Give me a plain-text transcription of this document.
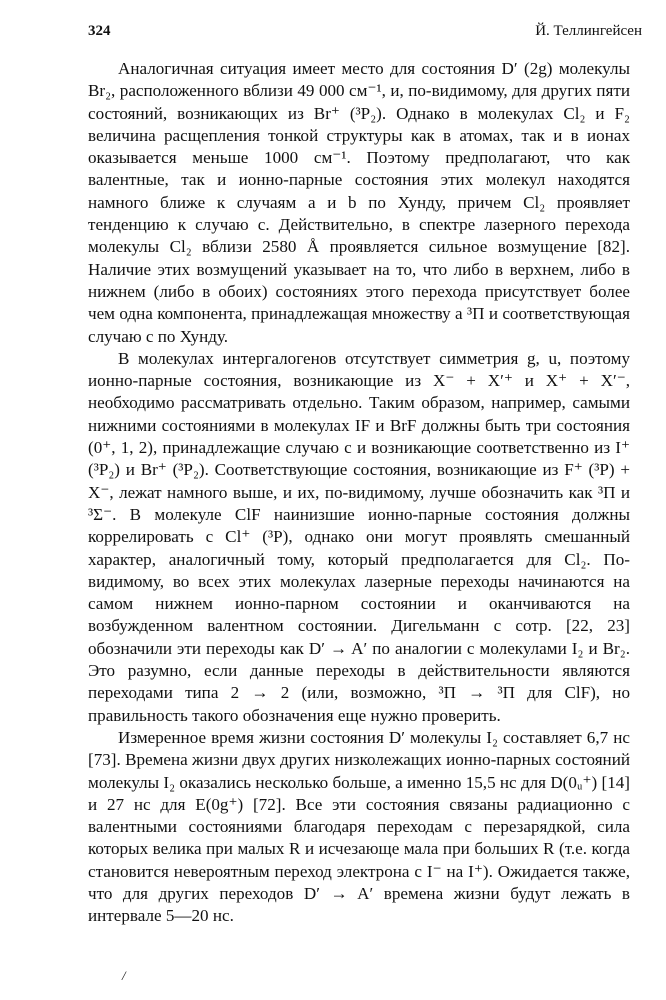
324	Й. Теллингейсен

Аналогичная ситуация имеет место для состояния D′ (2g) молекулы Br₂, расположенного вблизи 49 000 см⁻¹, и, по-видимому, для других пяти состояний, возникающих из Br⁺ (³P₂). Однако в молекулах Cl₂ и F₂ величина расщепления тонкой структуры как в атомах, так и в ионах оказывается меньше 1000 см⁻¹. Поэтому предполагают, что как валентные, так и ионно-парные состояния этих молекул находятся намного ближе к случаям a и b по Хунду, причем Cl₂ проявляет тенденцию к случаю c. Действительно, в спектре лазерного перехода молекулы Cl₂ вблизи 2580 Å проявляется сильное возмущение [82]. Наличие этих возмущений указывает на то, что либо в верхнем, либо в нижнем (либо в обоих) состояниях этого перехода присутствует более чем одна компонента, принадлежащая множеству a ³Π и соответствующая случаю c по Хунду.

В молекулах интергалогенов отсутствует симметрия g, u, поэтому ионно-парные состояния, возникающие из X⁻ + X′⁺ и X⁺ + X′⁻, необходимо рассматривать отдельно. Таким образом, например, самыми нижними состояниями в молекулах IF и BrF должны быть три состояния (0⁺, 1, 2), принадлежащие случаю c и возникающие соответственно из I⁺ (³P₂) и Br⁺ (³P₂). Соответствующие состояния, возникающие из F⁺ (³P) + X⁻, лежат намного выше, и их, по-видимому, лучше обозначить как ³Π и ³Σ⁻. В молекуле ClF наинизшие ионно-парные состояния должны коррелировать с Cl⁺ (³P), однако они могут проявлять смешанный характер, аналогичный тому, который предполагается для Cl₂. По-видимому, во всех этих молекулах лазерные переходы начинаются на самом нижнем ионно-парном состоянии и оканчиваются на возбужденном валентном состоянии. Дигельманн с сотр. [22, 23] обозначили эти переходы как D′ → A′ по аналогии с молекулами I₂ и Br₂. Это разумно, если данные переходы в действительности являются переходами типа 2 → 2 (или, возможно, ³Π → ³Π для ClF), но правильность такого обозначения еще нужно проверить.

Измеренное время жизни состояния D′ молекулы I₂ составляет 6,7 нс [73]. Времена жизни двух других низколежащих ионно-парных состояний молекулы I₂ оказались несколько больше, а именно 15,5 нс для D(0ᵤ⁺) [14] и 27 нс для E(0g⁺) [72]. Все эти состояния связаны радиационно с валентными состояниями благодаря переходам с перезарядкой, сила которых велика при малых R и исчезающе мала при больших R (т.е. когда становится невероятным переход электрона с I⁻ на I⁺). Ожидается также, что для других переходов D′ → A′ времена жизни будут лежать в интервале 5—20 нс.

/
